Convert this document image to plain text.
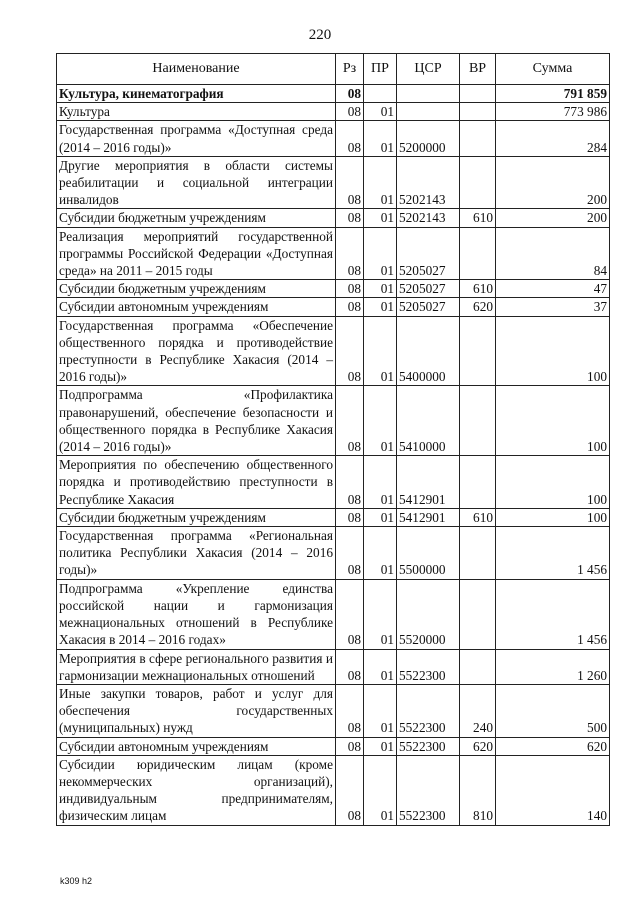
220
Наименование	Рз	ПР	ЦСР	ВР	Сумма
Культура, кинематография	08				791 859
Культура	08	01			773 986
Государственная программа «Доступная среда (2014 – 2016 годы)»	08	01	5200000		284
Другие мероприятия в области системы реабилитации и социальной интеграции инвалидов	08	01	5202143		200
Субсидии бюджетным учреждениям	08	01	5202143	610	200
Реализация мероприятий государственной программы Российской Федерации «Доступная среда» на 2011 – 2015 годы	08	01	5205027		84
Субсидии бюджетным учреждениям	08	01	5205027	610	47
Субсидии автономным учреждениям	08	01	5205027	620	37
Государственная программа «Обеспечение общественного порядка и противодействие преступности в Республике Хакасия (2014 – 2016 годы)»	08	01	5400000		100
Подпрограмма «Профилактика правонарушений, обеспечение безопасности и общественного порядка в Республике Хакасия (2014 – 2016 годы)»	08	01	5410000		100
Мероприятия по обеспечению общественного порядка и противодействию преступности в Республике Хакасия	08	01	5412901		100
Субсидии бюджетным учреждениям	08	01	5412901	610	100
Государственная программа «Региональная политика Республики Хакасия (2014 – 2016 годы)»	08	01	5500000		1 456
Подпрограмма «Укрепление единства российской нации и гармонизация межнациональных отношений в Республике Хакасия в 2014 – 2016 годах»	08	01	5520000		1 456
Мероприятия в сфере регионального развития и гармонизации межнациональных отношений	08	01	5522300		1 260
Иные закупки товаров, работ и услуг для обеспечения государственных (муниципальных) нужд	08	01	5522300	240	500
Субсидии автономным учреждениям	08	01	5522300	620	620
Субсидии юридическим лицам (кроме некоммерческих организаций), индивидуальным предпринимателям, физическим лицам	08	01	5522300	810	140
k309 h2
